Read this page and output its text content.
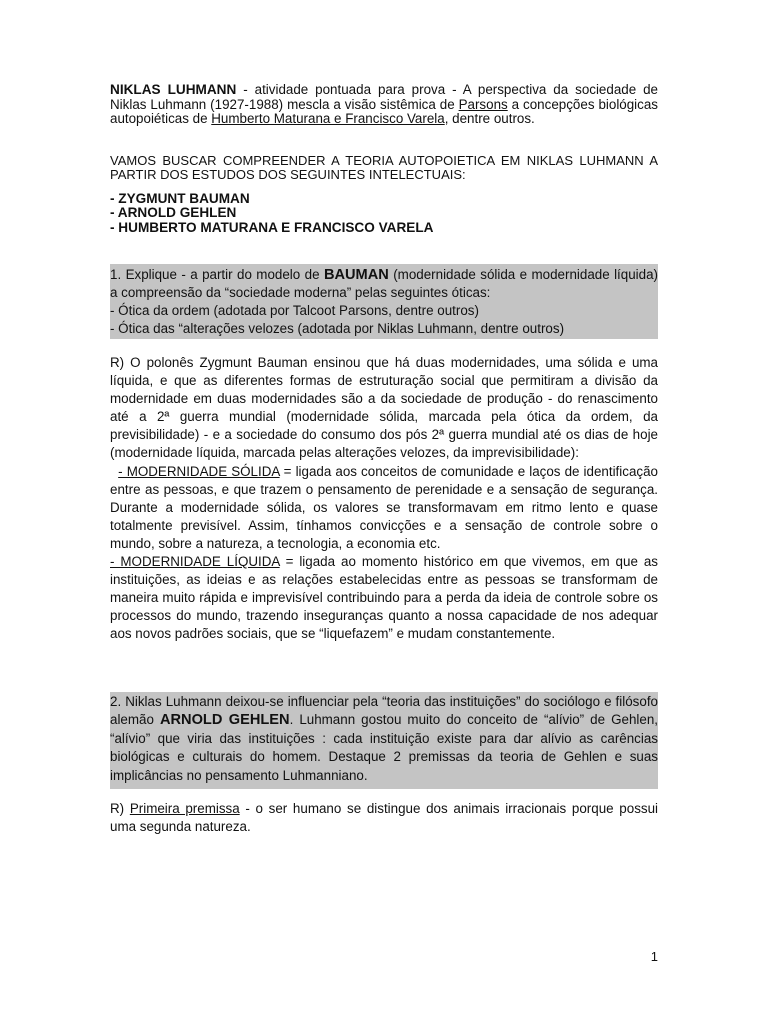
NIKLAS LUHMANN - atividade pontuada para prova - A perspectiva da sociedade de Niklas Luhmann (1927-1988) mescla a visão sistêmica de Parsons a concepções biológicas autopoiéticas de Humberto Maturana e Francisco Varela, dentre outros.
VAMOS BUSCAR COMPREENDER A TEORIA AUTOPOIETICA EM NIKLAS LUHMANN A PARTIR DOS ESTUDOS DOS SEGUINTES INTELECTUAIS:
- ZYGMUNT BAUMAN
- ARNOLD GEHLEN
- HUMBERTO MATURANA E FRANCISCO VARELA
1. Explique - a partir do modelo de BAUMAN (modernidade sólida e modernidade líquida) a compreensão da “sociedade moderna” pelas seguintes óticas:
- Ótica da ordem (adotada por Talcoot Parsons, dentre outros)
- Ótica das “alterações velozes (adotada por Niklas Luhmann, dentre outros)

R) O polonês Zygmunt Bauman ensinou que há duas modernidades, uma sólida e uma líquida, e que as diferentes formas de estruturação social que permitiram a divisão da modernidade em duas modernidades são a da sociedade de produção - do renascimento até a 2ª guerra mundial (modernidade sólida, marcada pela ótica da ordem, da previsibilidade) - e a sociedade do consumo dos pós 2ª guerra mundial até os dias de hoje (modernidade líquida, marcada pelas alterações velozes, da imprevisibilidade):

- MODERNIDADE SÓLIDA = ligada aos conceitos de comunidade e laços de identificação entre as pessoas, e que trazem o pensamento de perenidade e a sensação de segurança. Durante a modernidade sólida, os valores se transformavam em ritmo lento e quase totalmente previsível. Assim, tínhamos convicções e a sensação de controle sobre o mundo, sobre a natureza, a tecnologia, a economia etc.

- MODERNIDADE LÍQUIDA = ligada ao momento histórico em que vivemos, em que as instituições, as ideias e as relações estabelecidas entre as pessoas se transformam de maneira muito rápida e imprevisível contribuindo para a perda da ideia de controle sobre os processos do mundo, trazendo inseguranças quanto a nossa capacidade de nos adequar aos novos padrões sociais, que se “liquefazem” e mudam constantemente.

2. Niklas Luhmann deixou-se influenciar pela “teoria das instituições” do sociólogo e filósofo alemão ARNOLD GEHLEN. Luhmann gostou muito do conceito de “alívio” de Gehlen, “alívio” que viria das instituições : cada instituição existe para dar alívio as carências biológicas e culturais do homem. Destaque 2 premissas da teoria de Gehlen e suas implicâncias no pensamento Luhmanniano.
R) Primeira premissa - o ser humano se distingue dos animais irracionais porque possui uma segunda natureza.
1
